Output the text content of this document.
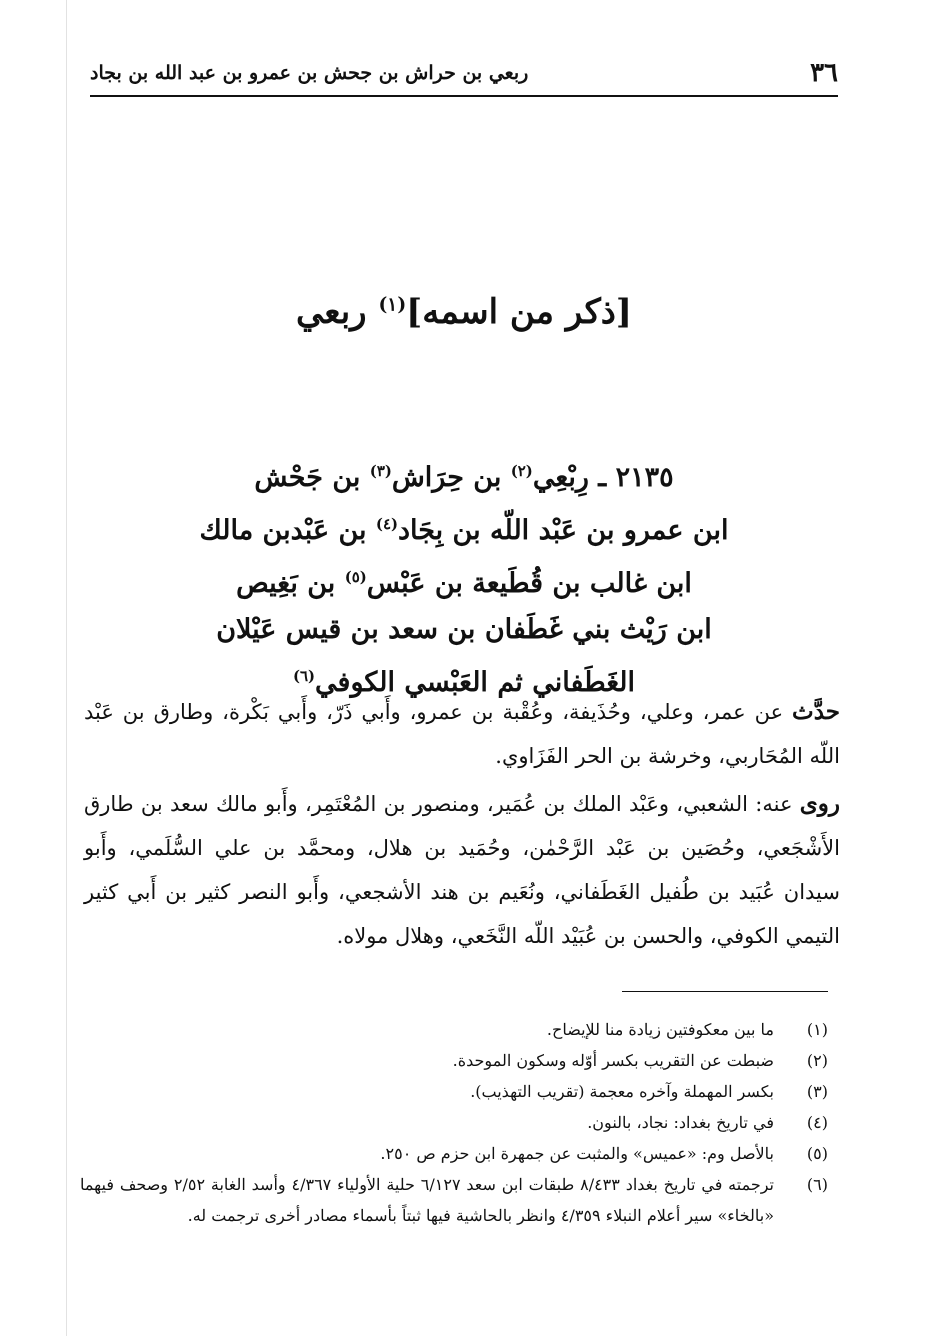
٣٦
ربعي بن حراش بن جحش بن عمرو بن عبد الله بن بجاد
[ذكر من اسمه]$^{(١)}$ ربعي
٢١٣٥ ـ رِبْعِي$^{(٢)}$ بن حِرَاش$^{(٣)}$ بن جَحْش
ابن عمرو بن عَبْد اللّه بن بِجَاد$^{(٤)}$ بن عَبْدبن مالك
ابن غالب بن قُطَيعة بن عَبْس$^{(٥)}$ بن بَغِيص
ابن رَيْث بني غَطَفان بن سعد بن قيس عَيْلان
الغَطَفاني ثم العَبْسي الكوفي$^{(٦)}$

حدَّث عن عمر، وعلي، وحُذَيفة، وعُقْبة بن عمرو، وأَبي ذَرّ، وأَبي بَكْرة، وطارق بن عَبْد اللّه المُحَاربي، وخرشة بن الحر الفَزَاوي.

روى عنه: الشعبي، وعَبْد الملك بن عُمَير، ومنصور بن المُعْتَمِر، وأَبو مالك سعد بن طارق الأَشْجَعي، وحُصَين بن عَبْد الرَّحْمٰن، وحُمَيد بن هلال، ومحمَّد بن علي السُّلَمي، وأَبو سيدان عُبَيد بن طُفيل الغَطَفاني، ونُعَيم بن هند الأشجعي، وأَبو النصر كثير بن أَبي كثير التيمي الكوفي، والحسن بن عُبَيْد اللّه النَّخَعي، وهلال مولاه.

(١)
ما بين معكوفتين زيادة منا للإيضاح.
(٢)
ضبطت عن التقريب بكسر أوّله وسكون الموحدة.
(٣)
بكسر المهملة وآخره معجمة (تقريب التهذيب).
(٤)
في تاريخ بغداد: نجاد، بالنون.
(٥)
بالأصل وم: «عميس» والمثبت عن جمهرة ابن حزم ص ٢٥٠.
(٦)
ترجمته في تاريخ بغداد ٨/٤٣٣ طبقات ابن سعد ٦/١٢٧ حلية الأولياء ٤/٣٦٧ وأسد الغابة ٢/٥٢ وصحف فيهما «بالخاء» سير أعلام النبلاء ٤/٣٥٩ وانظر بالحاشية فيها ثبتاً بأسماء مصادر أخرى ترجمت له.
